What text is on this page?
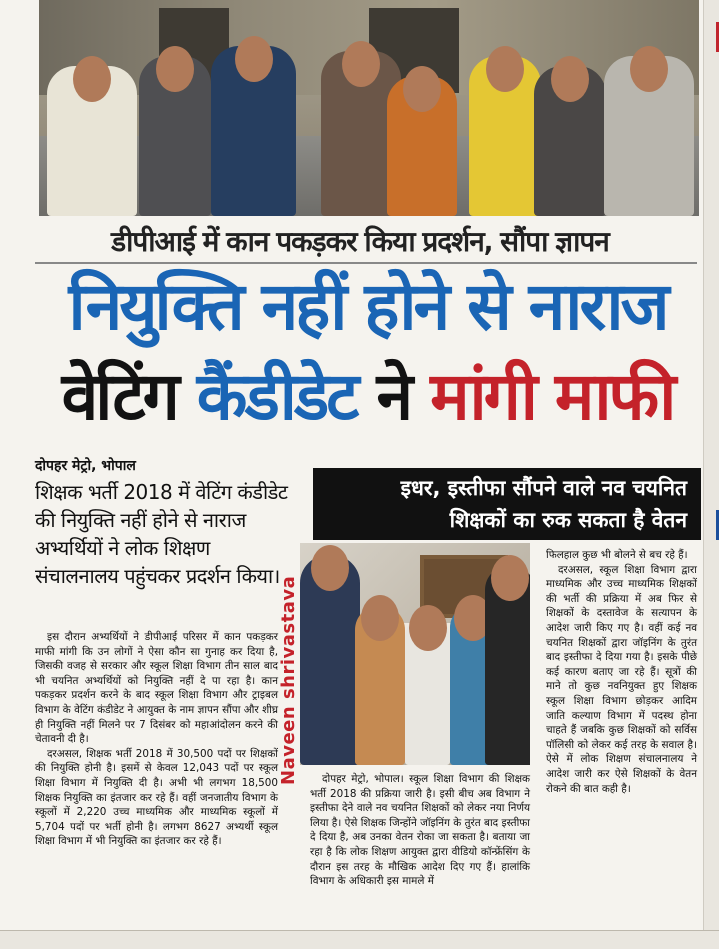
डीपीआई में कान पकड़कर किया प्रदर्शन, सौंपा ज्ञापन
नियुक्ति नहीं होने से नाराज
वेटिंग कैंडीडेट ने मांगी माफी
दोपहर मेट्रो, भोपाल
शिक्षक भर्ती 2018 में वेटिंग कंडीडेट की नियुक्ति नहीं होने से नाराज अभ्यर्थियों ने लोक शिक्षण संचालनालय पहुंचकर प्रदर्शन किया।
Naveen shrivastava

इस दौरान अभ्यर्थियों ने डीपीआई परिसर में कान पकड़कर माफी मांगी कि उन लोगों ने ऐसा कौन सा गुनाह कर दिया है, जिसकी वजह से सरकार और स्कूल शिक्षा विभाग तीन साल बाद भी चयनित अभ्यर्थियों को नियुक्ति नहीं दे पा रहा है। कान पकड़कर प्रदर्शन करने के बाद स्कूल शिक्षा विभाग और ट्राइबल विभाग के वेटिंग कंडीडेट ने आयुक्त के नाम ज्ञापन सौंपा और शीघ्र ही नियुक्ति नहीं मिलने पर 7 दिसंबर को महाआंदोलन करने की चेतावनी दी है।

दरअसल, शिक्षक भर्ती 2018 में 30,500 पदों पर शिक्षकों की नियुक्ति होनी है। इसमें से केवल 12,043 पदों पर स्कूल शिक्षा विभाग में नियुक्ति दी है। अभी भी लगभग 18,500 शिक्षक नियुक्ति का इंतजार कर रहे हैं। वहीं जनजातीय विभाग के स्कूलों में 2,220 उच्च माध्यमिक और माध्यमिक स्कूलों में 5,704 पदों पर भर्ती होनी है। लगभग 8627 अभ्यर्थी स्कूल शिक्षा विभाग में भी नियुक्ति का इंतजार कर रहे हैं।

इधर, इस्तीफा सौंपने वाले नव चयनित
शिक्षकों का रुक सकता है वेतन

दोपहर मेट्रो, भोपाल। स्कूल शिक्षा विभाग की शिक्षक भर्ती 2018 की प्रक्रिया जारी है। इसी बीच अब विभाग ने इस्तीफा देने वाले नव चयनित शिक्षकों को लेकर नया निर्णय लिया है। ऐसे शिक्षक जिन्होंने जॉइनिंग के तुरंत बाद इस्तीफा दे दिया है, अब उनका वेतन रोका जा सकता है। बताया जा रहा है कि लोक शिक्षण आयुक्त द्वारा वीडियो कॉन्फ्रेंसिंग के दौरान इस तरह के मौखिक आदेश दिए गए हैं। हालांकि विभाग के अधिकारी इस मामले में

फिलहाल कुछ भी बोलने से बच रहे हैं।

दरअसल, स्कूल शिक्षा विभाग द्वारा माध्यमिक और उच्च माध्यमिक शिक्षकों की भर्ती की प्रक्रिया में अब फिर से शिक्षकों के दस्तावेज के सत्यापन के आदेश जारी किए गए है। वहीं कई नव चयनित शिक्षकों द्वारा जॉइनिंग के तुरंत बाद इस्तीफा दे दिया गया है। इसके पीछे कई कारण बताए जा रहे हैं। सूत्रों की माने तो कुछ नवनियुक्त हुए शिक्षक स्कूल शिक्षा विभाग छोड़कर आदिम जाति कल्याण विभाग में पदस्थ होना चाहते हैं जबकि कुछ शिक्षकों को सर्विस पॉलिसी को लेकर कई तरह के सवाल है। ऐसे में लोक शिक्षण संचालनालय ने आदेश जारी कर ऐसे शिक्षकों के वेतन रोकने की बात कही है।
